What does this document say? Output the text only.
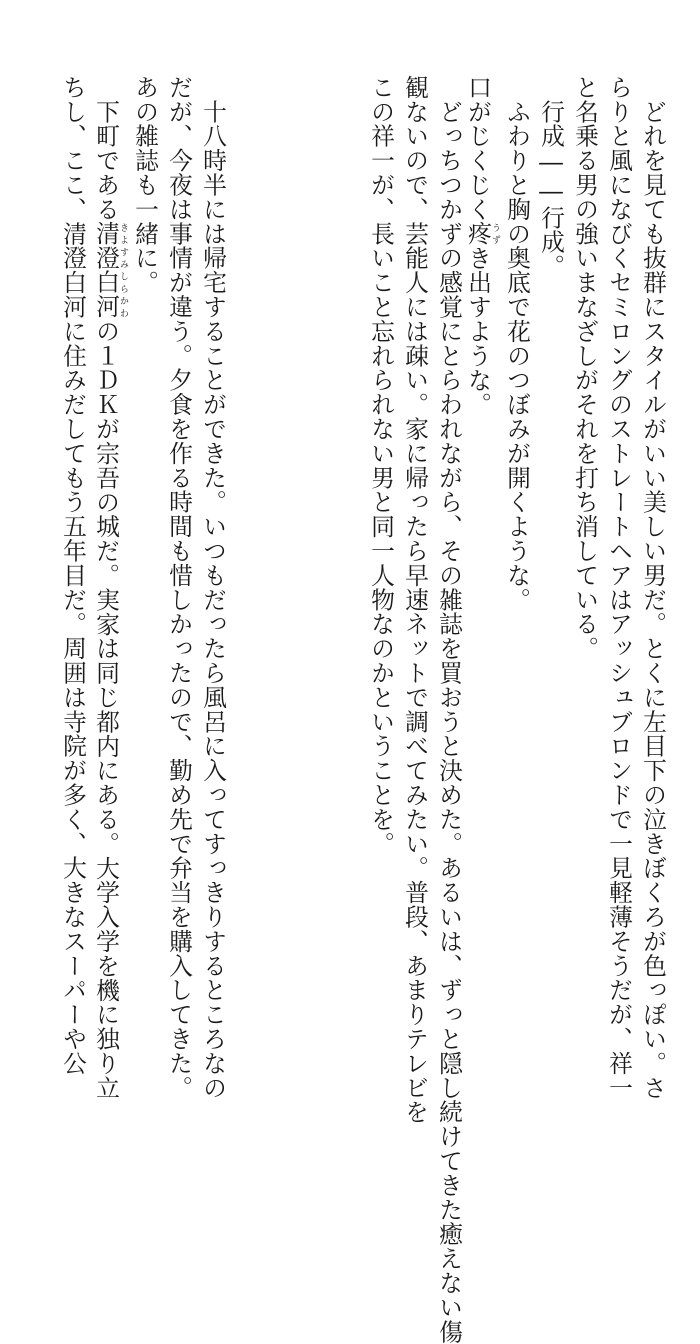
　どれを見ても抜群にスタイルがいい美しい男だ。とくに左目下の泣きぼくろが色っぽい。さ
らりと風になびくセミロングのストレートヘアはアッシュブロンドで一見軽薄そうだが、祥一
と名乗る男の強いまなざしがそれを打ち消している。
　行成――行成。
　ふわりと胸の奥底で花のつぼみが開くような。
口がじくじく疼うずき出すような。
　どっちつかずの感覚にとらわれながら、その雑誌を買おうと決めた。あるいは、ずっと隠し続けてきた癒えない傷
観ないので、芸能人には疎い。家に帰ったら早速ネットで調べてみたい。普段、あまりテレビを
この祥一が、長いこと忘れられない男と同一人物なのかということを。
　十八時半には帰宅することができた。いつもだったら風呂に入ってすっきりするところなの
だが、今夜は事情が違う。夕食を作る時間も惜しかったので、勤め先で弁当を購入してきた。
あの雑誌も一緒に。
　下町である清澄白河きよすみしらかわの１ＤＫが宗吾の城だ。実家は同じ都内にある。大学入学を機に独り立
ちし、ここ、清澄白河に住みだしてもう五年目だ。周囲は寺院が多く、大きなスーパーや公
